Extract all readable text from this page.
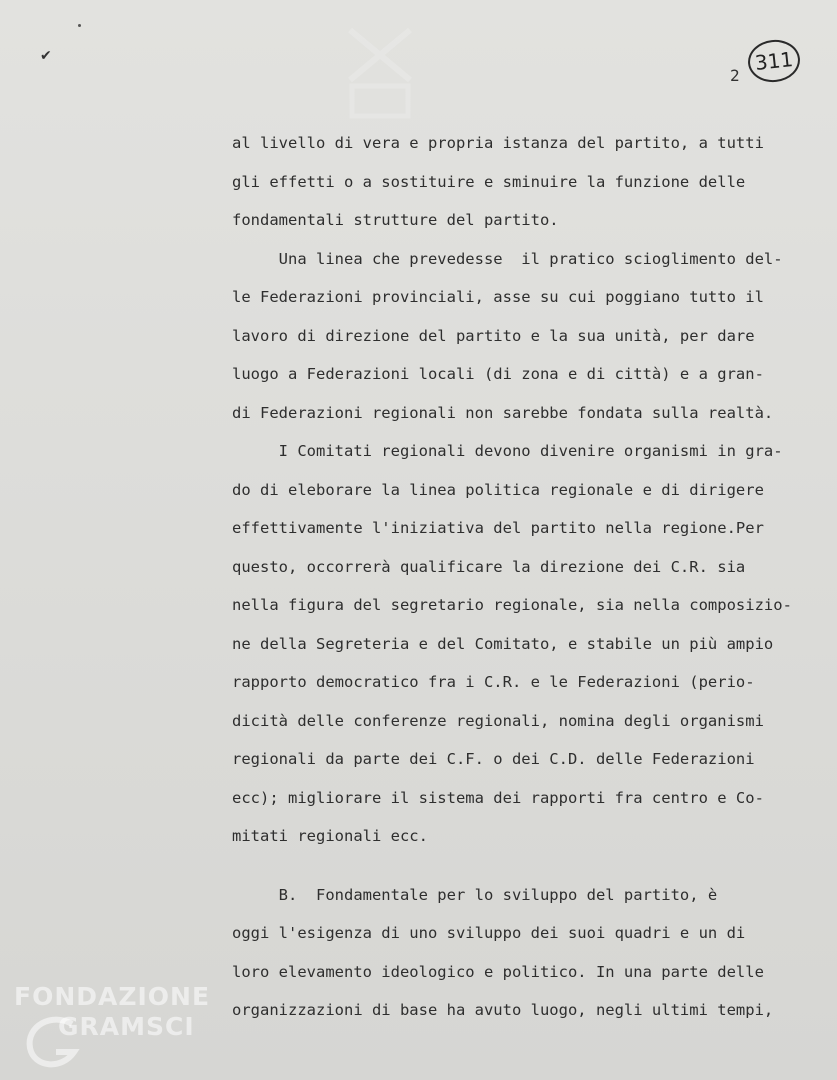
✔
2
311
al livello di vera e propria istanza del partito, a tutti
gli effetti o a sostituire e sminuire la funzione delle
fondamentali strutture del partito.
Una linea che prevedesse  il pratico scioglimento del-
le Federazioni provinciali, asse su cui poggiano tutto il
lavoro di direzione del partito e la sua unità, per dare
luogo a Federazioni locali (di zona e di città) e a gran-
di Federazioni regionali non sarebbe fondata sulla realtà.
I Comitati regionali devono divenire organismi in gra-
do di eleborare la linea politica regionale e di dirigere
effettivamente l'iniziativa del partito nella regione.Per
questo, occorrerà qualificare la direzione dei C.R. sia
nella figura del segretario regionale, sia nella composizio-
ne della Segreteria e del Comitato, e stabile un più ampio
rapporto democratico fra i C.R. e le Federazioni (perio-
dicità delle conferenze regionali, nomina degli organismi
regionali da parte dei C.F. o dei C.D. delle Federazioni
ecc); migliorare il sistema dei rapporti fra centro e Co-
mitati regionali ecc.
B.  Fondamentale per lo sviluppo del partito, è
oggi l'esigenza di uno sviluppo dei suoi quadri e un di
loro elevamento ideologico e politico. In una parte delle
organizzazioni di base ha avuto luogo, negli ultimi tempi,
FONDAZIONE
GRAMSCI
